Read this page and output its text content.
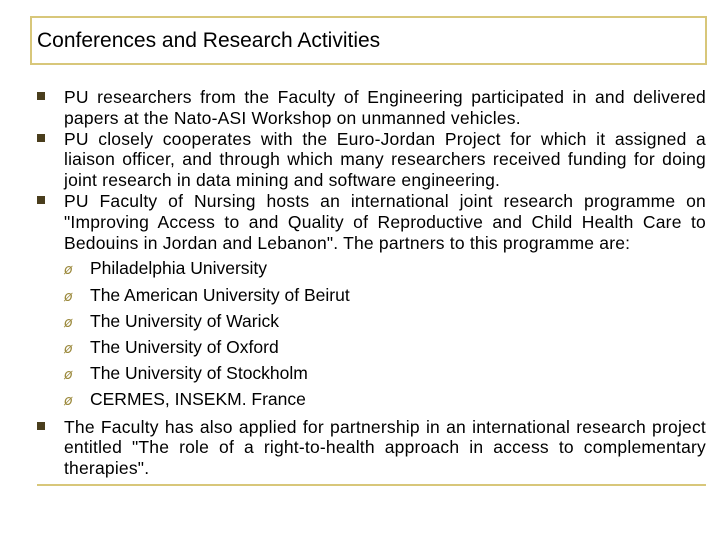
Conferences and Research Activities
PU researchers from the Faculty of Engineering participated in and delivered papers at the Nato-ASI Workshop on unmanned vehicles.
PU closely cooperates with the Euro-Jordan Project for which it assigned a liaison officer, and through which many researchers received funding for doing joint research in data mining and software engineering.
PU Faculty of Nursing hosts an international joint research programme on "Improving Access to and Quality of Reproductive and Child Health Care to Bedouins in Jordan and Lebanon". The partners to this programme are:
ø Philadelphia University
ø The American University of Beirut
ø The University of Warick
ø The University of Oxford
ø The University of Stockholm
ø CERMES, INSEKM. France
The Faculty has also applied for partnership in an international research project entitled "The role of a right-to-health approach in access to complementary therapies".
